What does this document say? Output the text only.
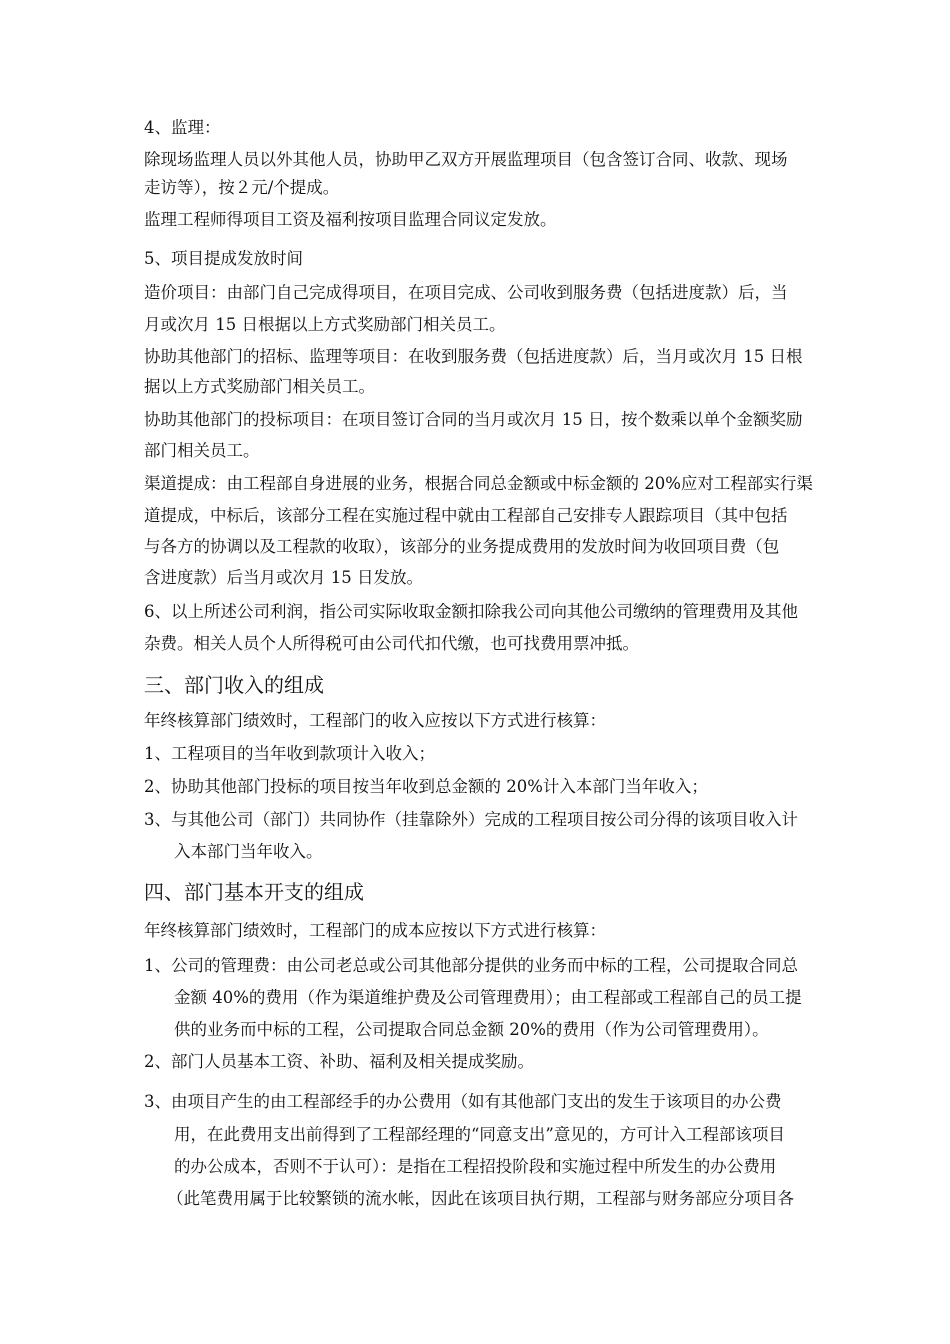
4、监理：
除现场监理人员以外其他人员，协助甲乙双方开展监理项目（包含签订合同、收款、现场
走访等），按２元/个提成。
监理工程师得项目工资及福利按项目监理合同议定发放。
5、项目提成发放时间
造价项目：由部门自己完成得项目，在项目完成、公司收到服务费（包括进度款）后，当
月或次月 15 日根据以上方式奖励部门相关员工。
协助其他部门的招标、监理等项目：在收到服务费（包括进度款）后，当月或次月 15 日根
据以上方式奖励部门相关员工。
协助其他部门的投标项目：在项目签订合同的当月或次月 15 日，按个数乘以单个金额奖励
部门相关员工。
渠道提成：由工程部自身进展的业务，根据合同总金额或中标金额的 20%应对工程部实行渠
道提成，中标后，该部分工程在实施过程中就由工程部自己安排专人跟踪项目（其中包括
与各方的协调以及工程款的收取），该部分的业务提成费用的发放时间为收回项目费（包
含进度款）后当月或次月 15 日发放。
6、以上所述公司利润，指公司实际收取金额扣除我公司向其他公司缴纳的管理费用及其他
杂费。相关人员个人所得税可由公司代扣代缴，也可找费用票冲抵。
三、部门收入的组成
年终核算部门绩效时，工程部门的收入应按以下方式进行核算：
1、工程项目的当年收到款项计入收入；
2、协助其他部门投标的项目按当年收到总金额的 20%计入本部门当年收入；
3、与其他公司（部门）共同协作（挂靠除外）完成的工程项目按公司分得的该项目收入计
入本部门当年收入。
四、部门基本开支的组成
年终核算部门绩效时，工程部门的成本应按以下方式进行核算：
1、公司的管理费：由公司老总或公司其他部分提供的业务而中标的工程，公司提取合同总
金额 40%的费用（作为渠道维护费及公司管理费用）；由工程部或工程部自己的员工提
供的业务而中标的工程，公司提取合同总金额 20%的费用（作为公司管理费用）。
2、部门人员基本工资、补助、福利及相关提成奖励。
3、由项目产生的由工程部经手的办公费用（如有其他部门支出的发生于该项目的办公费
用，在此费用支出前得到了工程部经理的“同意支出”意见的，方可计入工程部该项目
的办公成本，否则不于认可）：是指在工程招投阶段和实施过程中所发生的办公费用
（此笔费用属于比较繁锁的流水帐，因此在该项目执行期，工程部与财务部应分项目各
